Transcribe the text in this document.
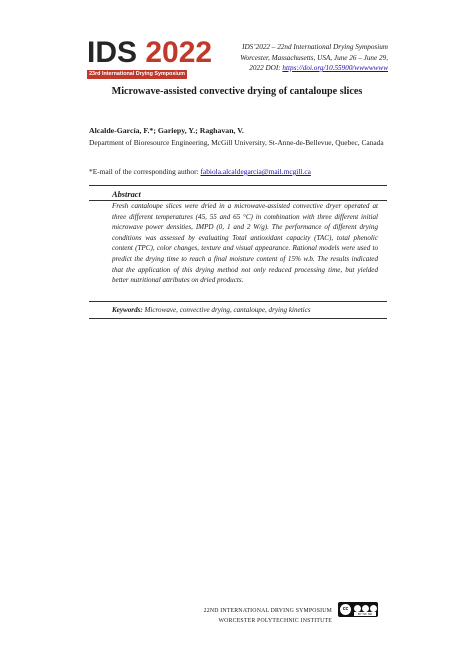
IDS 2022
23rd International Drying Symposium
IDS’2022 – 22nd International Drying Symposium
Worcester, Massachusetts, USA, June 26 – June 29,
2022 DOI: https://doi.org/10.55900/wwwwwww
Microwave-assisted convective drying of cantaloupe slices
Alcalde-García, F.*; Gariepy, Y.; Raghavan, V.
Department of Bioresource Engineering, McGill University, St-Anne-de-Bellevue, Quebec, Canada
*E-mail of the corresponding author: fabiola.alcaldegarcia@mail.mcgill.ca
Abstract
Fresh cantaloupe slices were dried in a microwave-assisted convective dryer operated at three different temperatures (45, 55 and 65 °C) in combination with three different initial microwave power densities, IMPD (0, 1 and 2 W/g). The performance of different drying conditions was assessed by evaluating Total antioxidant capacity (TAC), total phenolic content (TPC), color changes, texture and visual appearance. Rational models were used to predict the drying time to reach a final moisture content of 15% w.b. The results indicated that the application of this drying method not only reduced processing time, but yielded better nutritional attributes on dried products.
Keywords: Microwave, convective drying, cantaloupe, drying kinetics
22ND INTERNATIONAL DRYING SYMPOSIUM
WORCESTER POLYTECHNIC INSTITUTE
cc
BY NC ND
